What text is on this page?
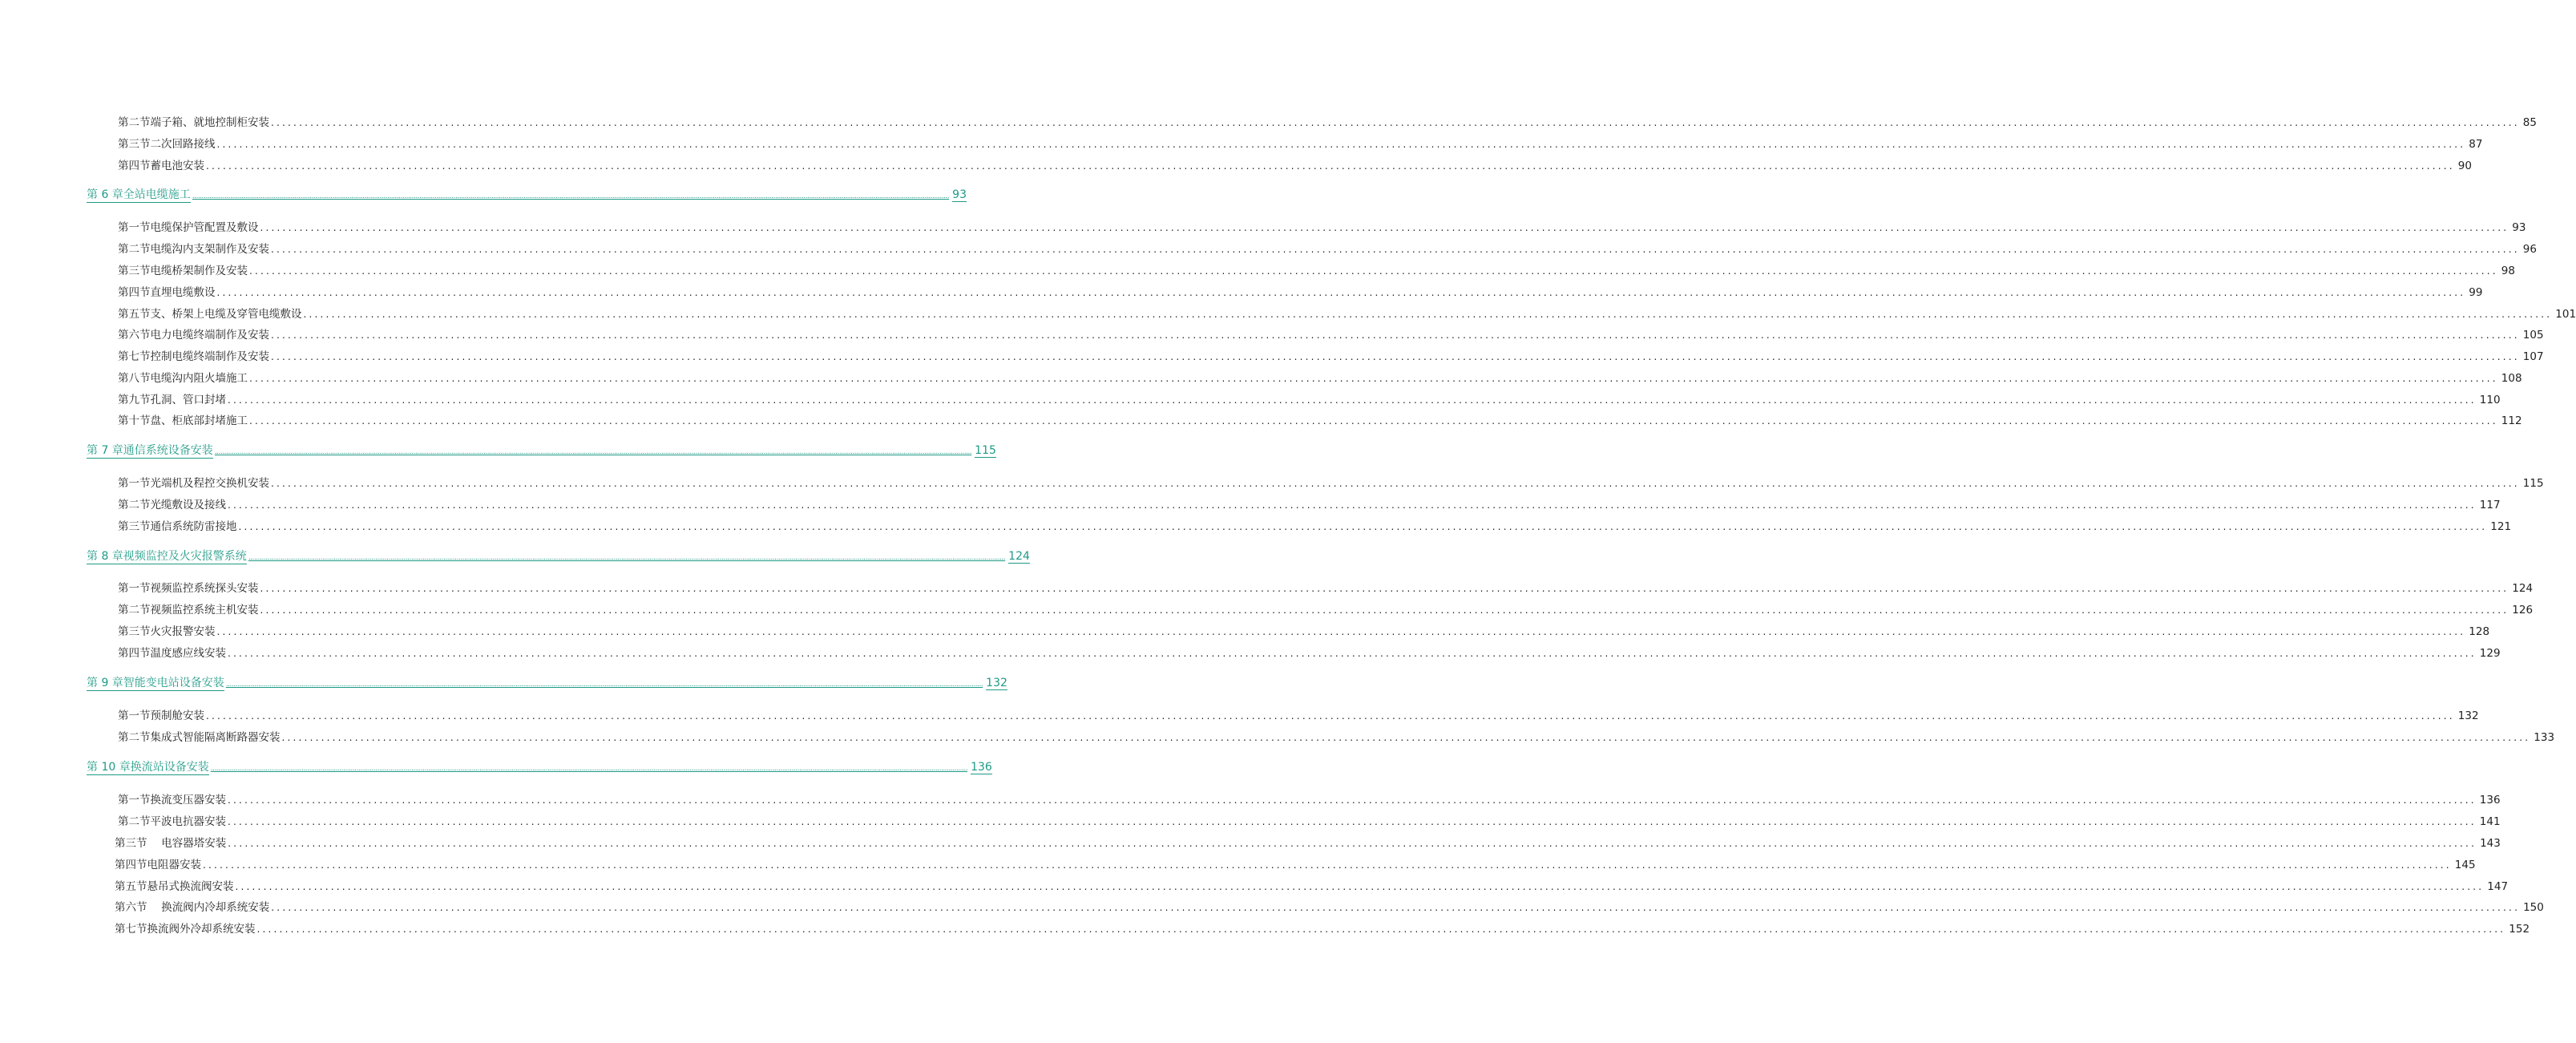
第二节端子箱、就地控制柜安装 ................................................................................................................................................................................................................................................................................................................................................................................................................ 85
第三节二次回路接线 ................................................................................................................................................................................................................................................................................................................................................................................................................ 87
第四节蓄电池安装 ................................................................................................................................................................................................................................................................................................................................................................................................................ 90
第 6 章全站电缆施工 ................................................................................................................................................................................................................................................................................................................................................................................................................ 93
第一节电缆保护管配置及敷设 ................................................................................................................................................................................................................................................................................................................................................................................................................ 93
第二节电缆沟内支架制作及安装 ................................................................................................................................................................................................................................................................................................................................................................................................................ 96
第三节电缆桥架制作及安装 ................................................................................................................................................................................................................................................................................................................................................................................................................ 98
第四节直埋电缆敷设 ................................................................................................................................................................................................................................................................................................................................................................................................................ 99
第五节支、桥架上电缆及穿管电缆敷设 ................................................................................................................................................................................................................................................................................................................................................................................................................ 101
第六节电力电缆终端制作及安装 ................................................................................................................................................................................................................................................................................................................................................................................................................ 105
第七节控制电缆终端制作及安装 ................................................................................................................................................................................................................................................................................................................................................................................................................ 107
第八节电缆沟内阻火墙施工 ................................................................................................................................................................................................................................................................................................................................................................................................................ 108
第九节孔洞、管口封堵 ................................................................................................................................................................................................................................................................................................................................................................................................................ 110
第十节盘、柜底部封堵施工 ................................................................................................................................................................................................................................................................................................................................................................................................................ 112
第 7 章通信系统设备安装 ................................................................................................................................................................................................................................................................................................................................................................................................................ 115
第一节光端机及程控交换机安装 ................................................................................................................................................................................................................................................................................................................................................................................................................ 115
第二节光缆敷设及接线 ................................................................................................................................................................................................................................................................................................................................................................................................................ 117
第三节通信系统防雷接地 ................................................................................................................................................................................................................................................................................................................................................................................................................ 121
第 8 章视频监控及火灾报警系统 ................................................................................................................................................................................................................................................................................................................................................................................................................ 124
第一节视频监控系统探头安装 ................................................................................................................................................................................................................................................................................................................................................................................................................ 124
第二节视频监控系统主机安装 ................................................................................................................................................................................................................................................................................................................................................................................................................ 126
第三节火灾报警安装 ................................................................................................................................................................................................................................................................................................................................................................................................................ 128
第四节温度感应线安装 ................................................................................................................................................................................................................................................................................................................................................................................................................ 129
第 9 章智能变电站设备安装 ................................................................................................................................................................................................................................................................................................................................................................................................................ 132
第一节预制舱安装 ................................................................................................................................................................................................................................................................................................................................................................................................................ 132
第二节集成式智能隔离断路器安装 ................................................................................................................................................................................................................................................................................................................................................................................................................ 133
第 10 章换流站设备安装 ................................................................................................................................................................................................................................................................................................................................................................................................................ 136
第一节换流变压器安装 ................................................................................................................................................................................................................................................................................................................................................................................................................ 136
第二节平波电抗器安装 ................................................................................................................................................................................................................................................................................................................................................................................................................ 141
第三节　 电容器塔安装 ................................................................................................................................................................................................................................................................................................................................................................................................................ 143
第四节电阻器安装 ................................................................................................................................................................................................................................................................................................................................................................................................................ 145
第五节悬吊式换流阀安装 ................................................................................................................................................................................................................................................................................................................................................................................................................ 147
第六节　 换流阀内冷却系统安装 ................................................................................................................................................................................................................................................................................................................................................................................................................ 150
第七节换流阀外冷却系统安装 ................................................................................................................................................................................................................................................................................................................................................................................................................ 152
